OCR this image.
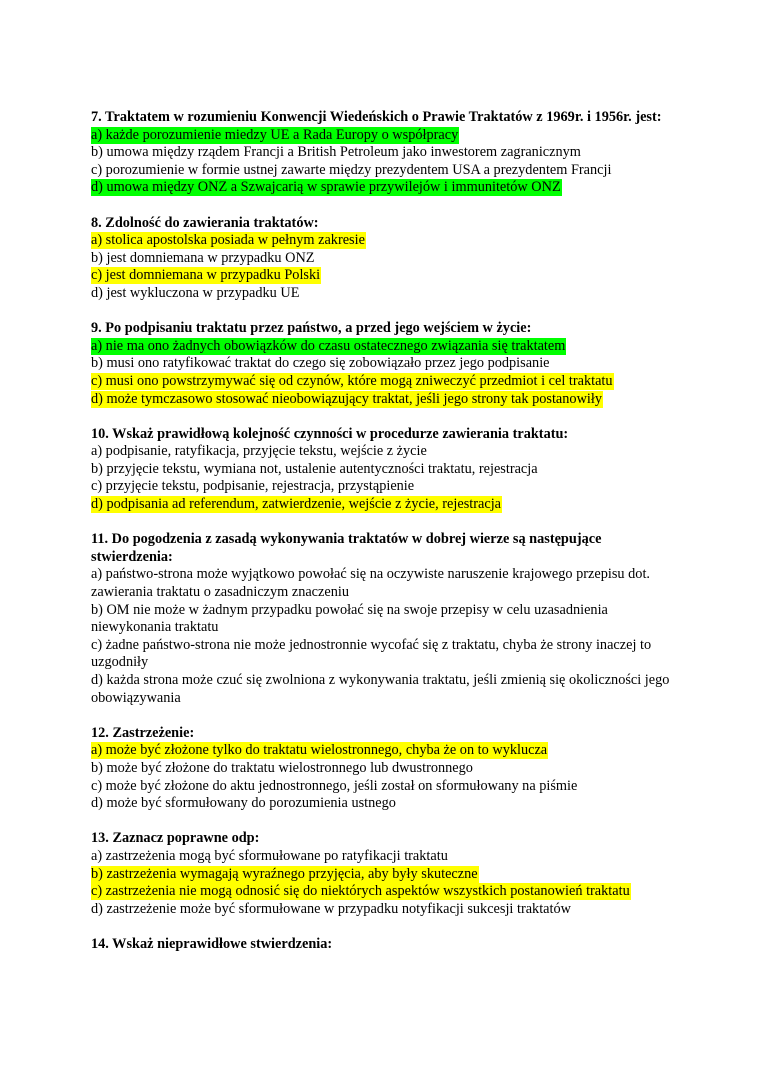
7. Traktatem w rozumieniu Konwencji Wiedeńskich o Prawie Traktatów z 1969r. i 1956r. jest:

a) każde porozumienie miedzy UE a Rada Europy o współpracy

b) umowa między rządem Francji a British Petroleum jako inwestorem zagranicznym

c) porozumienie w formie ustnej zawarte między prezydentem USA a prezydentem Francji

d) umowa między ONZ a Szwajcarią w sprawie przywilejów i immunitetów ONZ

8. Zdolność do zawierania traktatów:

a) stolica apostolska posiada w pełnym zakresie

b) jest domniemana w przypadku ONZ

c) jest domniemana w przypadku Polski

d) jest wykluczona w przypadku UE

9. Po podpisaniu traktatu przez państwo, a przed jego wejściem w życie:

a) nie ma ono żadnych obowiązków do czasu ostatecznego związania się traktatem

b) musi ono ratyfikować traktat do czego się zobowiązało przez jego podpisanie

c) musi ono powstrzymywać się od czynów, które mogą zniweczyć przedmiot i cel traktatu

d) może tymczasowo stosować nieobowiązujący traktat, jeśli jego strony tak postanowiły

10. Wskaż prawidłową kolejność czynności w procedurze zawierania traktatu:

a) podpisanie, ratyfikacja, przyjęcie tekstu, wejście z życie

b) przyjęcie tekstu, wymiana not, ustalenie autentyczności traktatu, rejestracja

c) przyjęcie tekstu, podpisanie, rejestracja, przystąpienie

d) podpisania ad referendum, zatwierdzenie, wejście z życie, rejestracja

11. Do pogodzenia z zasadą wykonywania traktatów w dobrej wierze są następujące stwierdzenia:

a) państwo-strona może wyjątkowo powołać się na oczywiste naruszenie krajowego przepisu dot. zawierania traktatu o zasadniczym znaczeniu

b) OM nie może w żadnym przypadku powołać się na swoje przepisy w celu uzasadnienia niewykonania traktatu

c) żadne państwo-strona nie może jednostronnie wycofać się z traktatu, chyba że strony inaczej to uzgodniły

d) każda strona może czuć się zwolniona z wykonywania traktatu, jeśli zmienią się okoliczności jego obowiązywania

12. Zastrzeżenie:

a) może być złożone tylko do traktatu wielostronnego, chyba że on to wyklucza

b) może być złożone do traktatu wielostronnego lub dwustronnego

c) może być złożone do aktu jednostronnego, jeśli został on sformułowany na piśmie

d) może być sformułowany do porozumienia ustnego

13. Zaznacz poprawne odp:

a) zastrzeżenia mogą być sformułowane po ratyfikacji traktatu

b) zastrzeżenia wymagają wyraźnego przyjęcia, aby były skuteczne

c) zastrzeżenia nie mogą odnosić się do niektórych aspektów wszystkich postanowień traktatu

d) zastrzeżenie może być sformułowane w przypadku notyfikacji sukcesji traktatów

14. Wskaż nieprawidłowe stwierdzenia:
